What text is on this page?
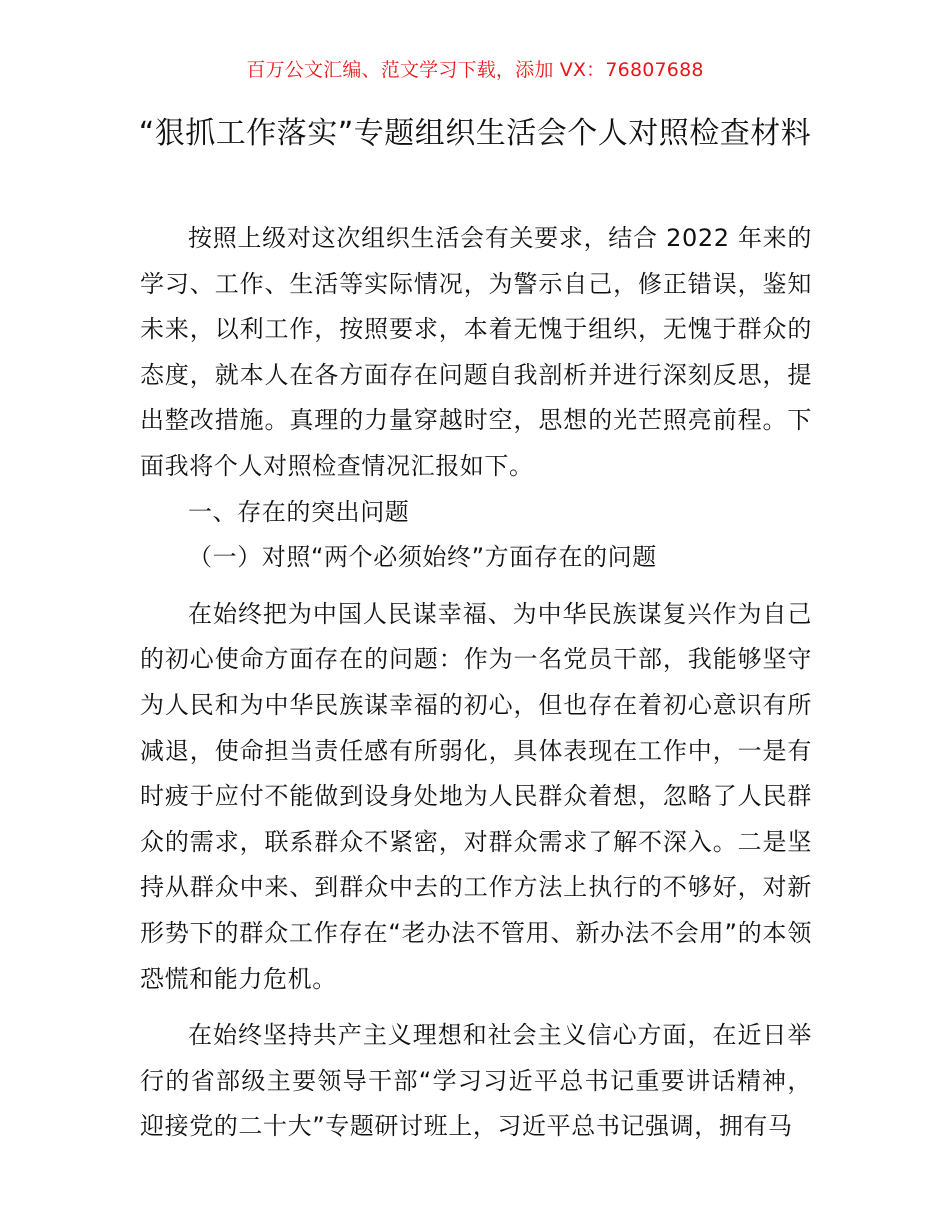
百万公文汇编、范文学习下载，添加 VX：76807688
“狠抓工作落实”专题组织生活会个人对照检查材料

按照上级对这次组织生活会有关要求，结合 2022 年来的学习、工作、生活等实际情况，为警示自己，修正错误，鉴知未来，以利工作，按照要求，本着无愧于组织，无愧于群众的态度，就本人在各方面存在问题自我剖析并进行深刻反思，提出整改措施。真理的力量穿越时空，思想的光芒照亮前程。下面我将个人对照检查情况汇报如下。

一、存在的突出问题

（一）对照“两个必须始终”方面存在的问题

在始终把为中国人民谋幸福、为中华民族谋复兴作为自己的初心使命方面存在的问题：作为一名党员干部，我能够坚守为人民和为中华民族谋幸福的初心，但也存在着初心意识有所减退，使命担当责任感有所弱化，具体表现在工作中，一是有时疲于应付不能做到设身处地为人民群众着想，忽略了人民群众的需求，联系群众不紧密，对群众需求了解不深入。二是坚持从群众中来、到群众中去的工作方法上执行的不够好，对新形势下的群众工作存在“老办法不管用、新办法不会用”的本领恐慌和能力危机。

在始终坚持共产主义理想和社会主义信心方面，在近日举行的省部级主要领导干部“学习习近平总书记重要讲话精神，迎接党的二十大”专题研讨班上，习近平总书记强调，拥有马
